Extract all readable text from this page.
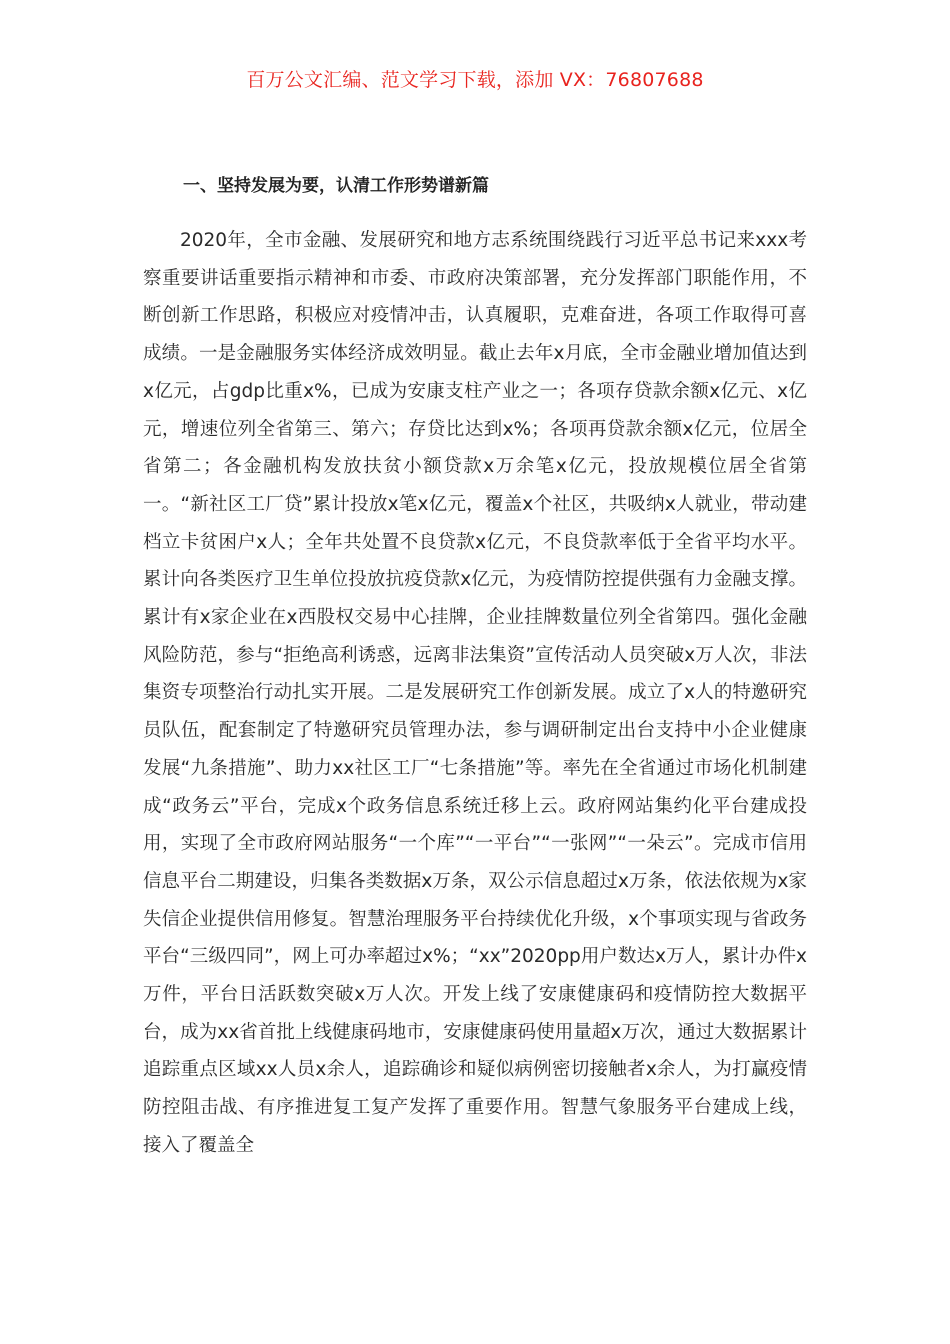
百万公文汇编、范文学习下载，添加 VX：76807688
一、坚持发展为要，认清工作形势谱新篇

2020年，全市金融、发展研究和地方志系统围绕践行习近平总书记来xxx考察重要讲话重要指示精神和市委、市政府决策部署，充分发挥部门职能作用，不断创新工作思路，积极应对疫情冲击，认真履职，克难奋进，各项工作取得可喜成绩。一是金融服务实体经济成效明显。截止去年x月底，全市金融业增加值达到x亿元，占gdp比重x%，已成为安康支柱产业之一；各项存贷款余额x亿元、x亿元，增速位列全省第三、第六；存贷比达到x%；各项再贷款余额x亿元，位居全省第二；各金融机构发放扶贫小额贷款x万余笔x亿元，投放规模位居全省第一。“新社区工厂贷”累计投放x笔x亿元，覆盖x个社区，共吸纳x人就业，带动建档立卡贫困户x人；全年共处置不良贷款x亿元，不良贷款率低于全省平均水平。累计向各类医疗卫生单位投放抗疫贷款x亿元，为疫情防控提供强有力金融支撑。累计有x家企业在x西股权交易中心挂牌，企业挂牌数量位列全省第四。强化金融风险防范，参与“拒绝高利诱惑，远离非法集资”宣传活动人员突破x万人次，非法集资专项整治行动扎实开展。二是发展研究工作创新发展。成立了x人的特邀研究员队伍，配套制定了特邀研究员管理办法，参与调研制定出台支持中小企业健康发展“九条措施”、助力xx社区工厂“七条措施”等。率先在全省通过市场化机制建成“政务云”平台，完成x个政务信息系统迁移上云。政府网站集约化平台建成投用，实现了全市政府网站服务“一个库”“一平台”“一张网”“一朵云”。完成市信用信息平台二期建设，归集各类数据x万条，双公示信息超过x万条，依法依规为x家失信企业提供信用修复。智慧治理服务平台持续优化升级，x个事项实现与省政务平台“三级四同”，网上可办率超过x%；“xx”2020pp用户数达x万人，累计办件x万件，平台日活跃数突破x万人次。开发上线了安康健康码和疫情防控大数据平台，成为xx省首批上线健康码地市，安康健康码使用量超x万次，通过大数据累计追踪重点区域xx人员x余人，追踪确诊和疑似病例密切接触者x余人，为打赢疫情防控阻击战、有序推进复工复产发挥了重要作用。智慧气象服务平台建成上线，接入了覆盖全
